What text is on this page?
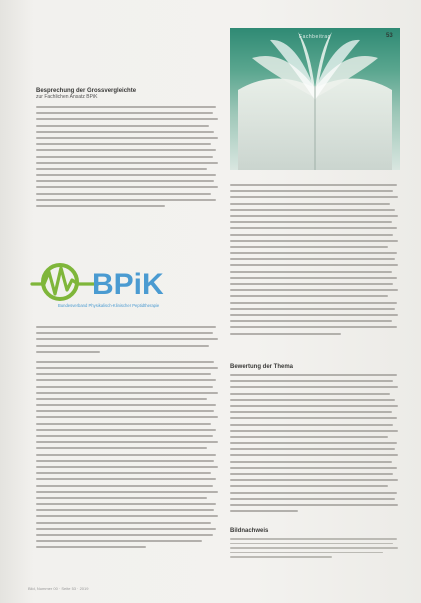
Fachbeitrag	53
Besprechung der Grossvergleichte
zur Fachlichen Ansatz BPiK
BPiK
Bundesverband Physikalisch-Klinischer Peptidtherapie
Bewertung der Thema
Bildnachweis
Bild, Nummer 00 · Seite 53 · 2019
